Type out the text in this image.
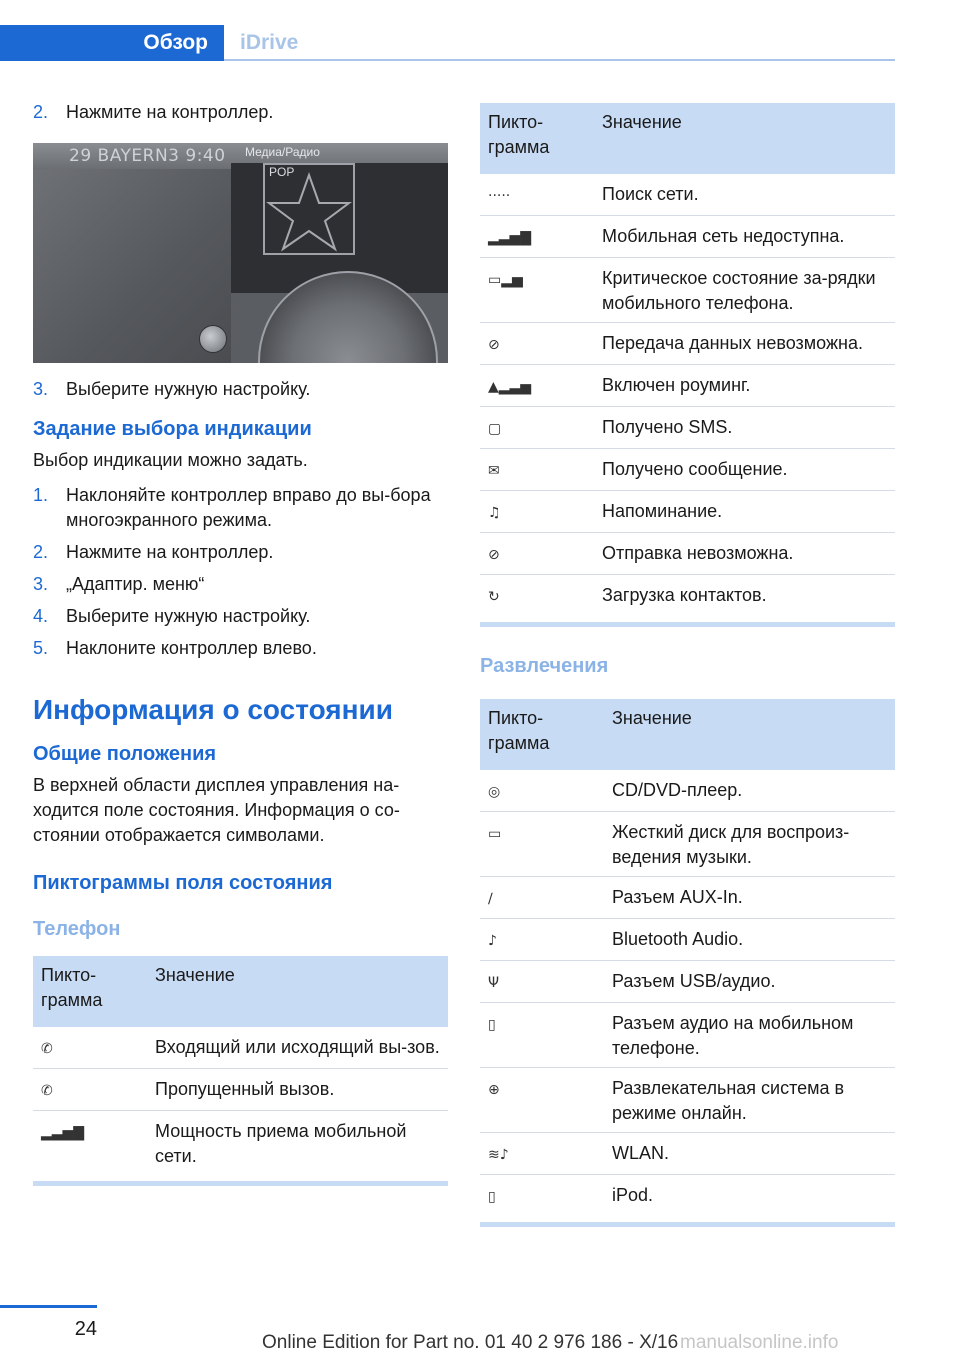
Обзор	iDrive
2. Нажмите на контроллер.
29 BAYERN3 9:40 Медиа/Радио
POP
3. Выберите нужную настройку.
Задание выбора индикации

Выбор индикации можно задать.

1. Наклоняйте контроллер вправо до вы-бора многоэкранного режима.
2. Нажмите на контроллер.
3. „Адаптир. меню“
4. Выберите нужную настройку.
5. Наклоните контроллер влево.
Информация о состоянии
Общие положения

В верхней области дисплея управления на-ходится поле состояния. Информация о со-стоянии отображается символами.

Пиктограммы поля состояния
Телефон
Пикто-грамма	Значение
✆	Входящий или исходящий вы-зов.
✆	Пропущенный вызов.
▂▃▅▇	Мощность приема мобильной сети.
Пикто-грамма	Значение
·····	Поиск сети.
▂▃▅▇	Мобильная сеть недоступна.
▭▂▅	Критическое состояние за-рядки мобильного телефона.
⊘	Передача данных невозможна.
▲▂▃▅	Включен роуминг.
▢	Получено SMS.
✉	Получено сообщение.
♫	Напоминание.
⊘	Отправка невозможна.
↻	Загрузка контактов.
Развлечения
Пикто-грамма	Значение
◎	CD/DVD-плеер.
▭	Жесткий диск для воспроиз-ведения музыки.
∕	Разъем AUX-In.
♪	Bluetooth Audio.
Ψ	Разъем USB/аудио.
▯	Разъем аудио на мобильном телефоне.
⊕	Развлекательная система в режиме онлайн.
≋♪	WLAN.
▯	iPod.
24
Online Edition for Part no. 01 40 2 976 186 - X/16 manualsonline.info
